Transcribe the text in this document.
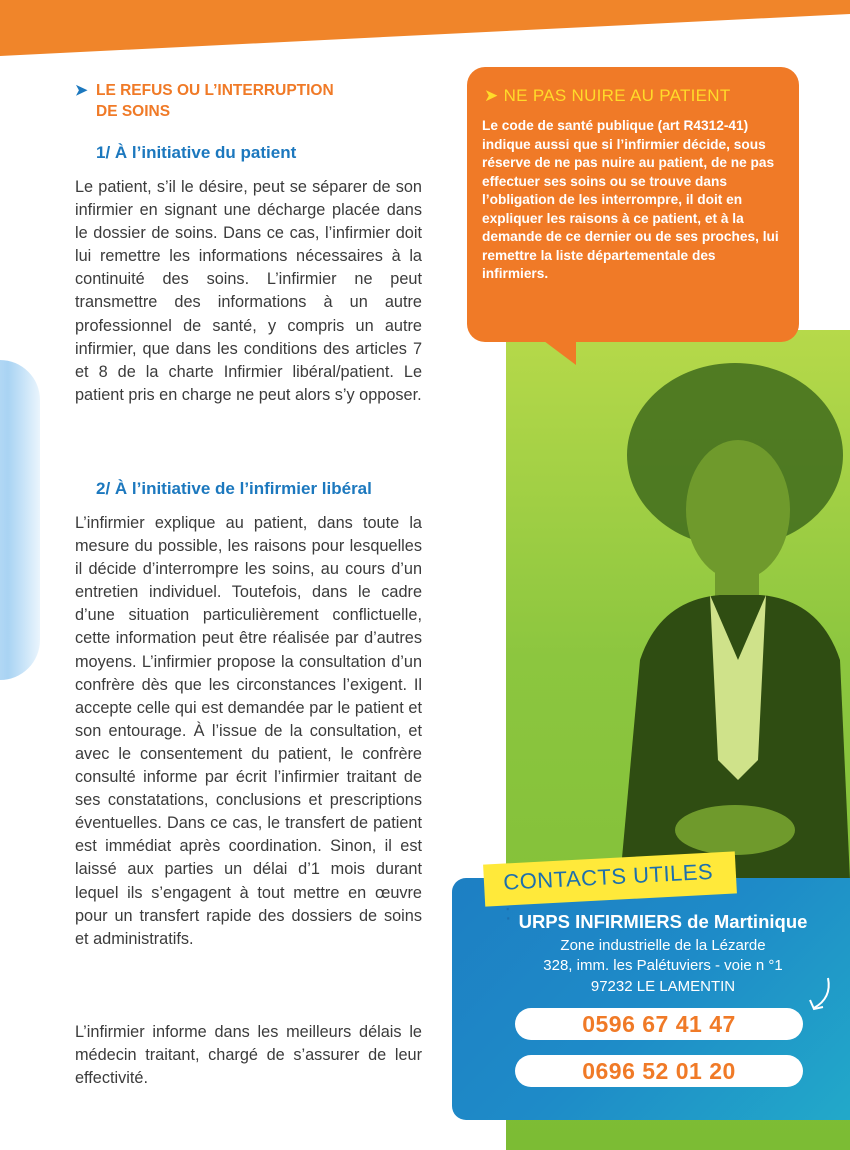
➤ LE REFUS OU L’INTERRUPTION
DE SOINS
1/ À l’initiative du patient

Le patient, s’il le désire, peut se séparer de son infirmier en signant une décharge placée dans le dossier de soins. Dans ce cas, l’infirmier doit lui remettre les informations nécessaires à la continuité des soins. L’infirmier ne peut transmettre des informations à un autre professionnel de santé, y compris un autre infirmier, que dans les conditions des articles 7 et 8 de la charte Infirmier libéral/patient. Le patient pris en charge ne peut alors s’y opposer.

2/ À l’initiative de l’infirmier libéral

L’infirmier explique au patient, dans toute la mesure du possible, les raisons pour lesquelles il décide d’interrompre les soins, au cours d’un entretien individuel. Toutefois, dans le cadre d’une situation particulièrement conflictuelle, cette information peut être réalisée par d’autres moyens. L’infirmier propose la consultation d’un confrère dès que les circonstances l’exigent. Il accepte celle qui est demandée par le patient et son entourage. À l’issue de la consultation, et avec le consentement du patient, le confrère consulté informe par écrit l’infirmier traitant de ses constatations, conclusions et prescriptions éventuelles. Dans ce cas, le transfert de patient est immédiat après coordination. Sinon, il est laissé aux parties un délai d’1 mois durant lequel ils s’engagent à tout mettre en œuvre pour un transfert rapide des dossiers de soins et administratifs.

L’infirmier informe dans les meilleurs délais le médecin traitant, chargé de s’assurer de leur effectivité.

➤ NE PAS NUIRE AU PATIENT

Le code de santé publique (art R4312-41) indique aussi que si l’infirmier décide, sous réserve de ne pas nuire au patient, de ne pas effectuer ses soins ou se trouve dans l’obligation de les interrompre, il doit en expliquer les raisons à ce patient, et à la demande de ce dernier ou de ses proches, lui remettre la liste départementale des infirmiers.

CONTACTS UTILES : URPS INFIRMIERS de Martinique
Zone industrielle de la Lézarde
328, imm. les Palétuviers - voie n °1
97232 LE LAMENTIN
0596 67 41 47
0696 52 01 20
